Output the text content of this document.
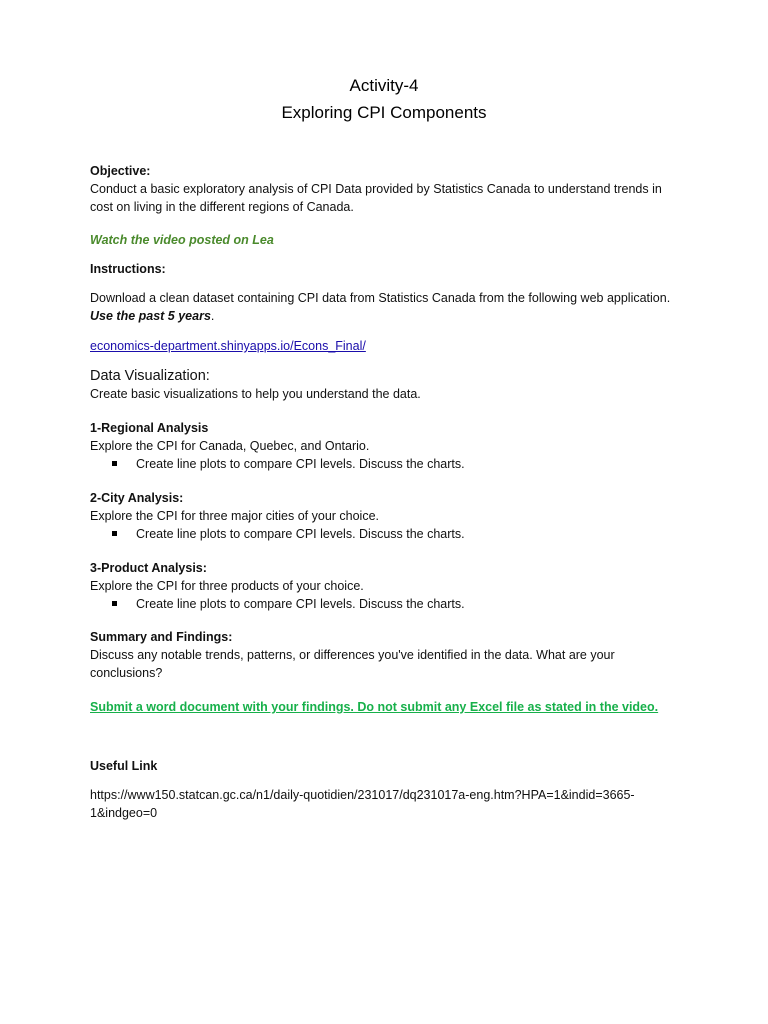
Activity-4
Exploring CPI Components

Objective:

Conduct a basic exploratory analysis of CPI Data provided by Statistics Canada to understand trends in

cost on living in the different regions of Canada.

Watch the video posted on Lea

Instructions:

Download a clean dataset containing CPI data from Statistics Canada from the following web application.

Use the past 5 years.

economics-department.shinyapps.io/Econs_Final/

Data Visualization:

Create basic visualizations to help you understand the data.

1-Regional Analysis

Explore the CPI for Canada, Quebec, and Ontario.

Create line plots to compare CPI levels. Discuss the charts.

2-City Analysis:

Explore the CPI for three major cities of your choice.

Create line plots to compare CPI levels. Discuss the charts.

3-Product Analysis:

Explore the CPI for three products of your choice.

Create line plots to compare CPI levels. Discuss the charts.

Summary and Findings:

Discuss any notable trends, patterns, or differences you've identified in the data. What are your

conclusions?

Submit a word document with your findings. Do not submit any Excel file as stated in the video.

Useful Link

https://www150.statcan.gc.ca/n1/daily-quotidien/231017/dq231017a-eng.htm?HPA=1&indid=3665-

1&indgeo=0
